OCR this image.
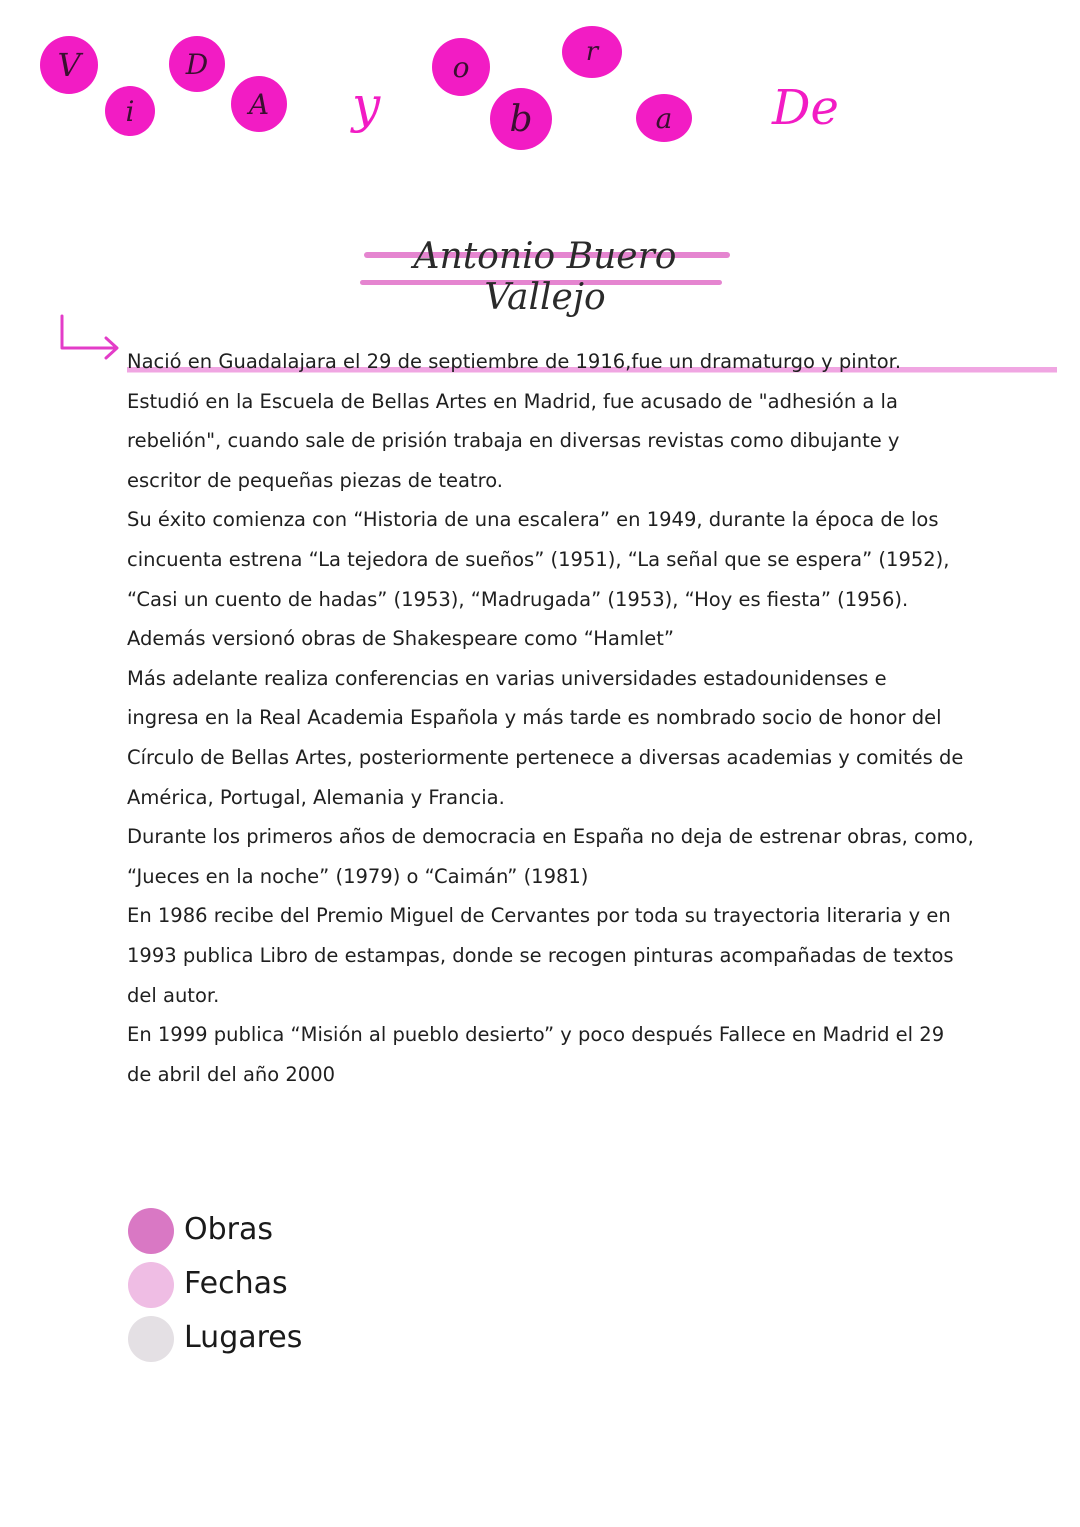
V
i
D
A y
o
b
r
a De
Antonio Buero Vallejo
Nació en Guadalajara el 29 de septiembre de 1916,fue un dramaturgo y pintor.
Estudió en la Escuela de Bellas Artes en Madrid, fue acusado de "adhesión a la
rebelión", cuando sale de prisión trabaja en diversas revistas como dibujante y
escritor de pequeñas piezas de teatro.
Su éxito comienza con “Historia de una escalera” en 1949, durante la época de los
cincuenta estrena “La tejedora de sueños” (1951), “La señal que se espera” (1952),
“Casi un cuento de hadas” (1953), “Madrugada” (1953), “Hoy es fiesta” (1956).
Además versionó obras de Shakespeare como “Hamlet”
Más adelante realiza conferencias en varias universidades estadounidenses e
ingresa en la Real Academia Española y más tarde es nombrado socio de honor del
Círculo de Bellas Artes, posteriormente pertenece a diversas academias y comités de
América, Portugal, Alemania y Francia.
Durante los primeros años de democracia en España no deja de estrenar obras, como,
“Jueces en la noche” (1979) o “Caimán” (1981)
En 1986 recibe del Premio Miguel de Cervantes por toda su trayectoria literaria y en
1993 publica Libro de estampas, donde se recogen pinturas acompañadas de textos
del autor.
En 1999 publica “Misión al pueblo desierto” y poco después Fallece en Madrid el 29
de abril del año 2000
Obras
Fechas
Lugares
